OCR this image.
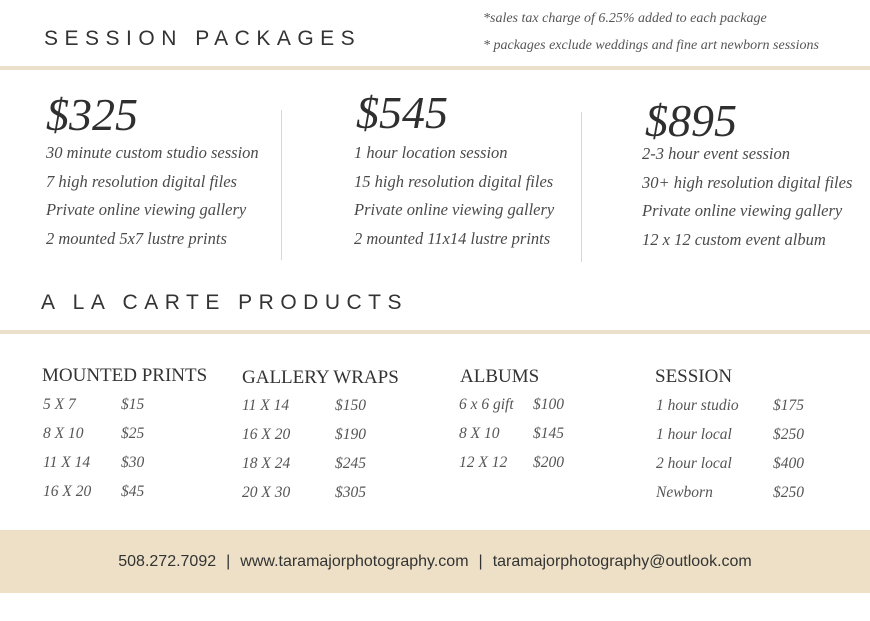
SESSION PACKAGES
*sales tax charge of 6.25% added to each package
* packages exclude weddings and fine art newborn sessions
$325
30 minute custom studio session
7 high resolution digital files
Private online viewing gallery
2 mounted 5x7 lustre prints
$545
1 hour location session
15 high resolution digital files
Private online viewing gallery
2 mounted 11x14 lustre prints
$895
2-3 hour event session
30+ high resolution digital files
Private online viewing gallery
12 x 12 custom event album
A LA CARTE PRODUCTS
MOUNTED PRINTS
5 X 7	$15
8 X 10 $25
11 X 14 $30
16 X 20 $45
GALLERY WRAPS
11 X 14	$150
16 X 20	$190
18 X 24	$245
20 X 30	$305
ALBUMS
6 x 6 gift $100
8 X 10 $145
12 X 12 $200
SESSION
1 hour studio $175
1 hour local	$250
2 hour local	$400
Newborn	$250
508.272.7092 | www.taramajorphotography.com | taramajorphotography@outlook.com
